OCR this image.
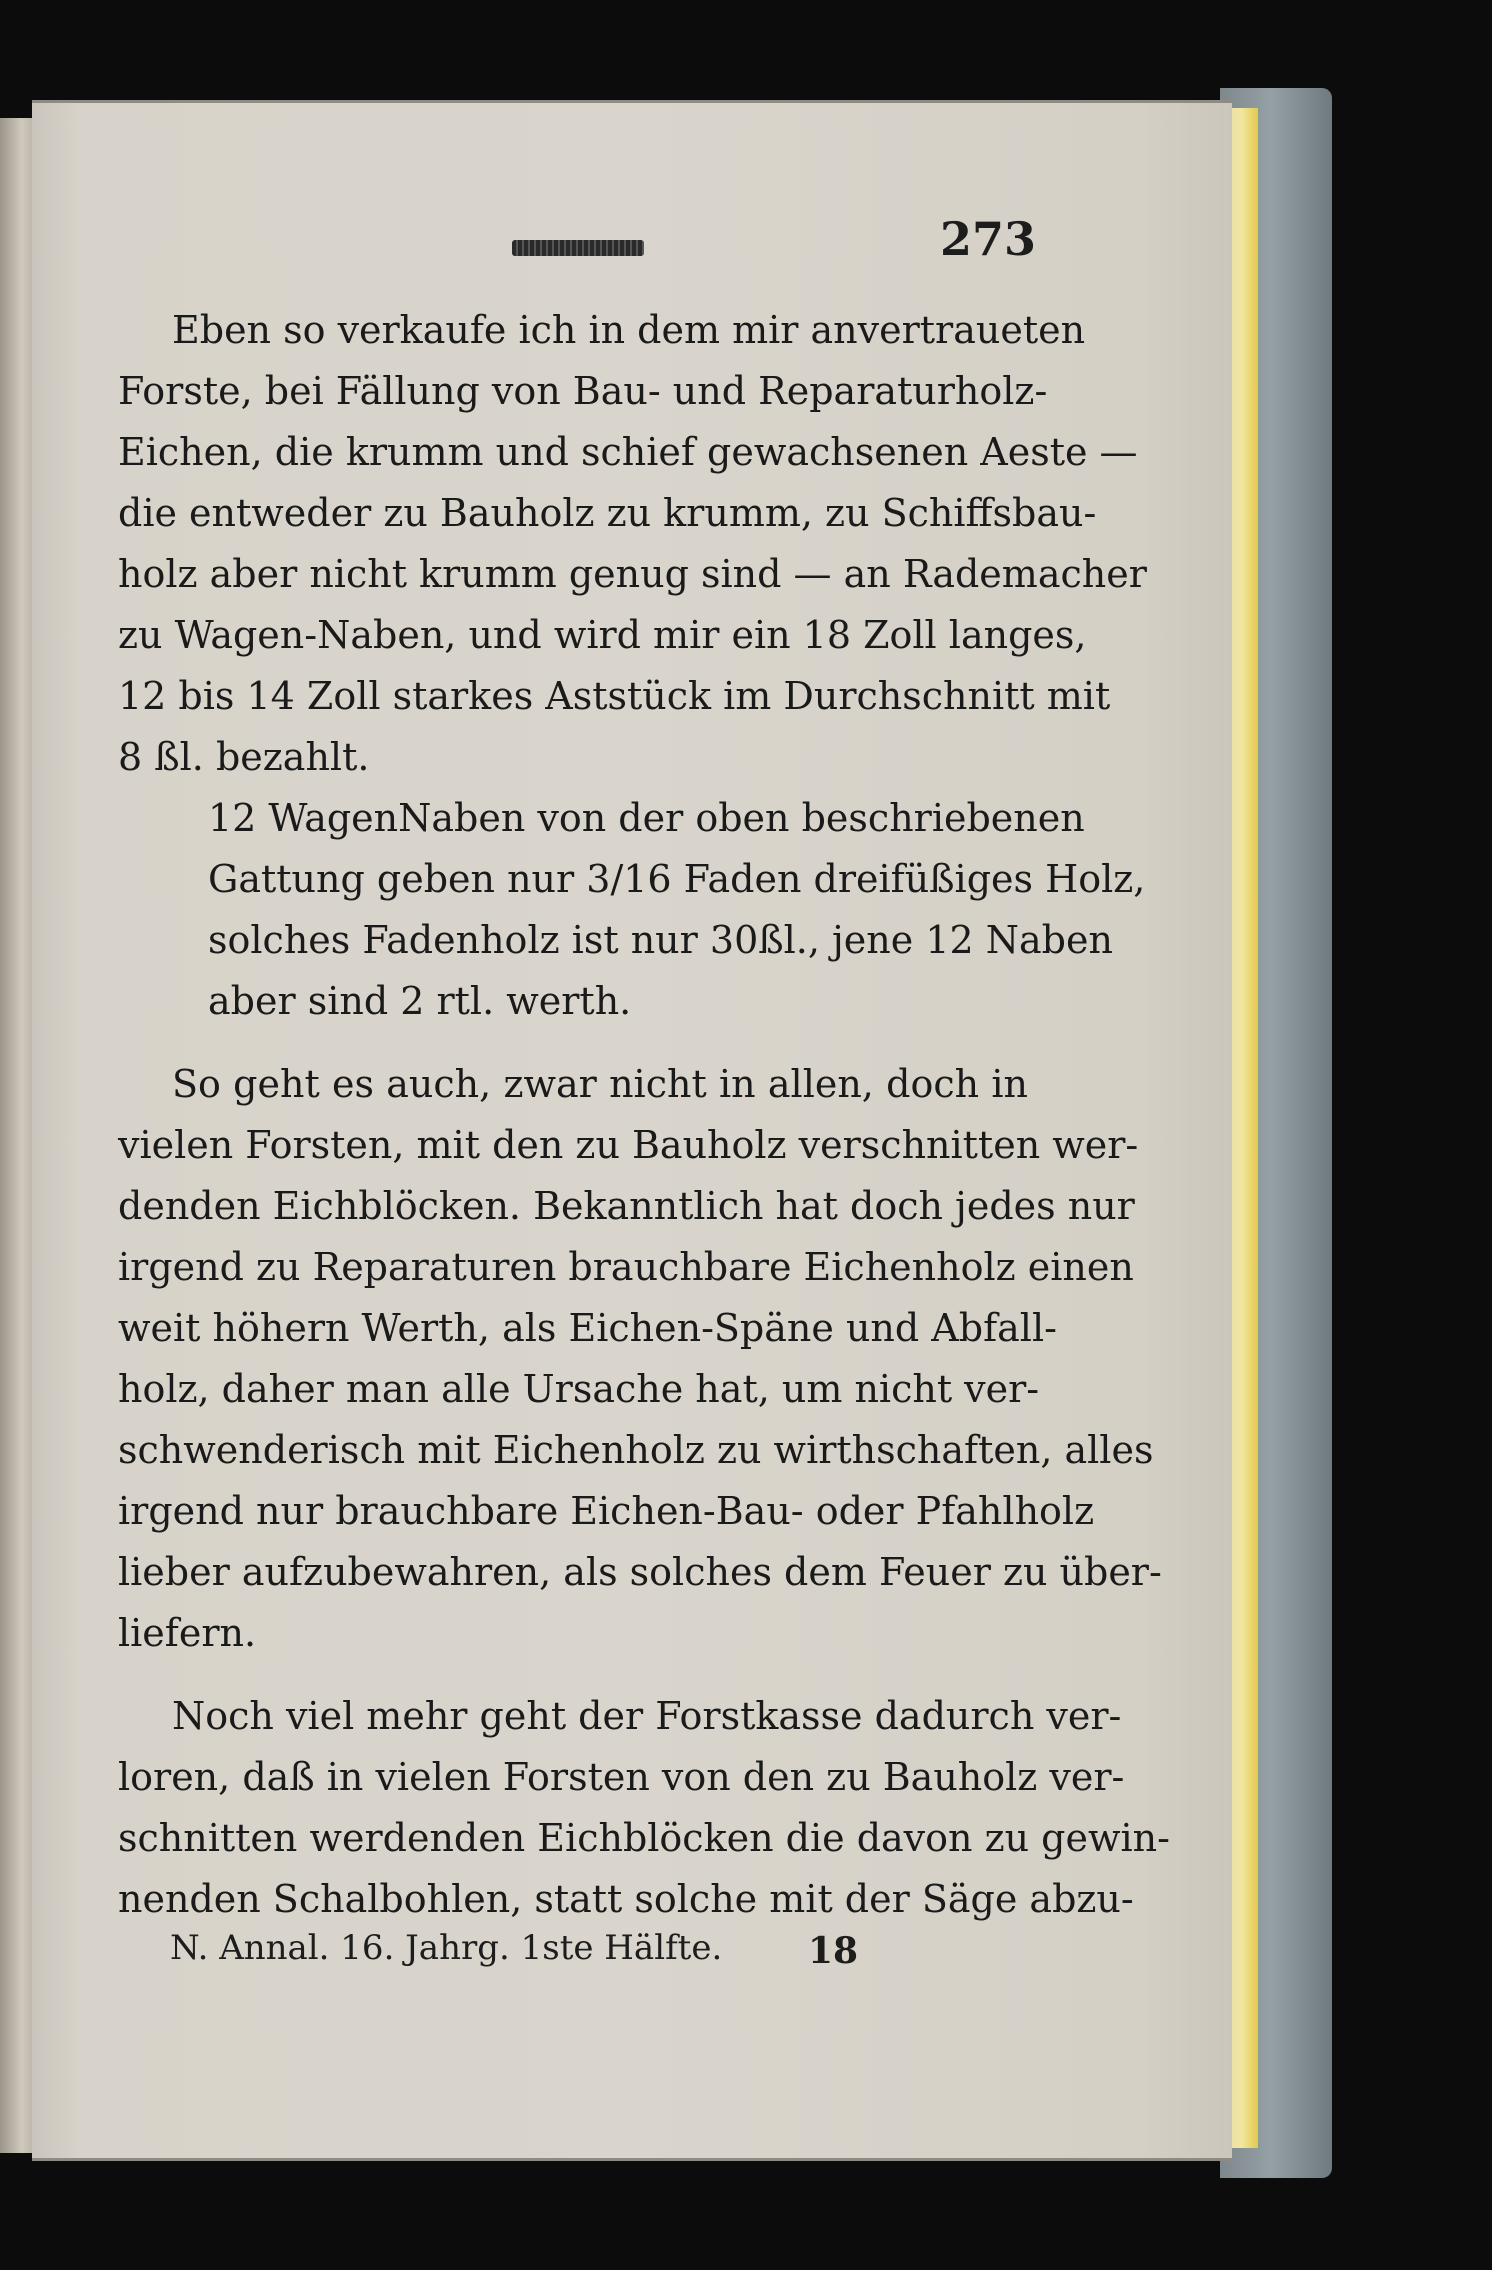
273
Eben so verkaufe ich in dem mir anvertraueten
Forste, bei Fällung von Bau- und Reparaturholz-
Eichen, die krumm und schief gewachsenen Aeste —
die entweder zu Bauholz zu krumm, zu Schiffsbau-
holz aber nicht krumm genug sind — an Rademacher
zu Wagen-Naben, und wird mir ein 18 Zoll langes,
12 bis 14 Zoll starkes Aststück im Durchschnitt mit
8 ßl. bezahlt.
12 WagenNaben von der oben beschriebenen
Gattung geben nur 3/16 Faden dreifüßiges Holz,
solches Fadenholz ist nur 30ßl., jene 12 Naben
aber sind 2 rtl. werth.
So geht es auch, zwar nicht in allen, doch in
vielen Forsten, mit den zu Bauholz verschnitten wer-
denden Eichblöcken. Bekanntlich hat doch jedes nur
irgend zu Reparaturen brauchbare Eichenholz einen
weit höhern Werth, als Eichen-Späne und Abfall-
holz, daher man alle Ursache hat, um nicht ver-
schwenderisch mit Eichenholz zu wirthschaften, alles
irgend nur brauchbare Eichen-Bau- oder Pfahlholz
lieber aufzubewahren, als solches dem Feuer zu über-
liefern.
Noch viel mehr geht der Forstkasse dadurch ver-
loren, daß in vielen Forsten von den zu Bauholz ver-
schnitten werdenden Eichblöcken die davon zu gewin-
nenden Schalbohlen, statt solche mit der Säge abzu-
N. Annal. 16. Jahrg. 1ste Hälfte.	18
